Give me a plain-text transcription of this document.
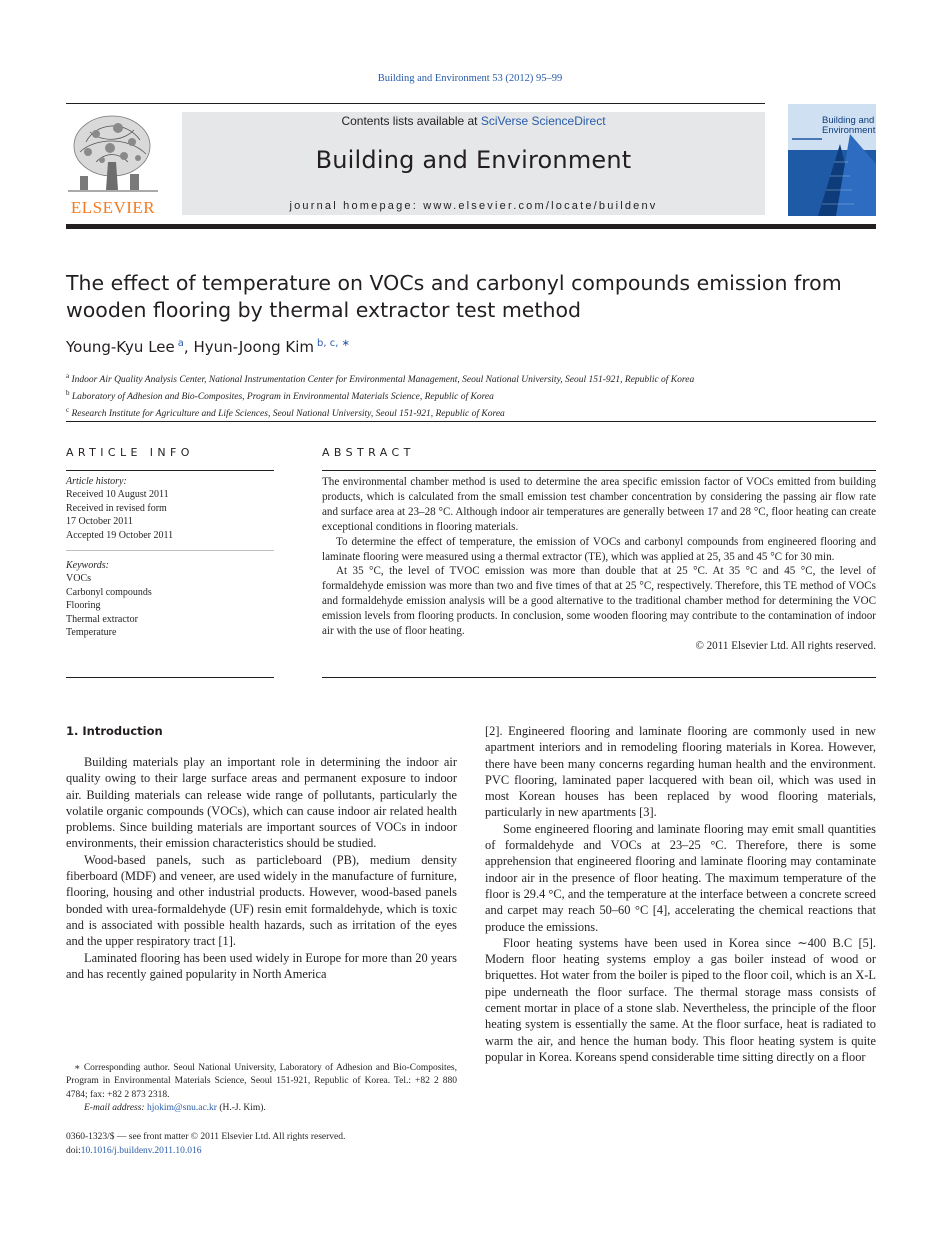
Building and Environment 53 (2012) 95–99
ELSEVIER
Contents lists available at SciVerse ScienceDirect
Building and Environment
journal homepage: www.elsevier.com/locate/buildenv
Building and
Environment
The effect of temperature on VOCs and carbonyl compounds emission from wooden flooring by thermal extractor test method
Young-Kyu Lee  $^a$, Hyun-Joong Kim  $^{b, c, ∗}$
$^a$ Indoor Air Quality Analysis Center, National Instrumentation Center for Environmental Management, Seoul National University, Seoul 151-921, Republic of Korea
$^b$ Laboratory of Adhesion and Bio-Composites, Program in Environmental Materials Science, Republic of Korea
$^c$ Research Institute for Agriculture and Life Sciences, Seoul National University, Seoul 151-921, Republic of Korea
ARTICLE INFO	ABSTRACT
Article history:
Received 10 August 2011
Received in revised form
17 October 2011
Accepted 19 October 2011
Keywords:
VOCs
Carbonyl compounds
Flooring
Thermal extractor
Temperature

The environmental chamber method is used to determine the area specific emission factor of VOCs emitted from building products, which is calculated from the small emission test chamber concentration by considering the passing air flow rate and surface area at 23–28 °C. Although indoor air temperatures are generally between 17 and 28 °C, floor heating can create exceptional conditions in flooring materials.

To determine the effect of temperature, the emission of VOCs and carbonyl compounds from engineered flooring and laminate flooring were measured using a thermal extractor (TE), which was applied at 25, 35 and 45 °C for 30 min.

At 35 °C, the level of TVOC emission was more than double that at 25 °C. At 35 °C and 45 °C, the level of formaldehyde emission was more than two and five times of that at 25 °C, respectively. Therefore, this TE method of VOCs and formaldehyde emission analysis will be a good alternative to the traditional chamber method for determining the VOC emission levels from flooring products. In conclusion, some wooden flooring may contribute to the contamination of indoor air with the use of floor heating.

© 2011 Elsevier Ltd. All rights reserved.

1. Introduction

Building materials play an important role in determining the indoor air quality owing to their large surface areas and permanent exposure to indoor air. Building materials can release wide range of pollutants, particularly the volatile organic compounds (VOCs), which can cause indoor air related health problems. Since building materials are important sources of VOCs in indoor environments, their emission characteristics should be studied.

Wood-based panels, such as particleboard (PB), medium density fiberboard (MDF) and veneer, are used widely in the manufacture of furniture, flooring, housing and other industrial products. However, wood-based panels bonded with urea-formaldehyde (UF) resin emit formaldehyde, which is toxic and is associated with possible health hazards, such as irritation of the eyes and the upper respiratory tract [1].

Laminated flooring has been used widely in Europe for more than 20 years and has recently gained popularity in North America

[2]. Engineered flooring and laminate flooring are commonly used in new apartment interiors and in remodeling flooring materials in Korea. However, there have been many concerns regarding human health and the environment. PVC flooring, laminated paper lacquered with bean oil, which was used in most Korean houses has been replaced by wood flooring materials, particularly in new apartments [3].

Some engineered flooring and laminate flooring may emit small quantities of formaldehyde and VOCs at 23–25 °C. Therefore, there is some apprehension that engineered flooring and laminate flooring may contaminate indoor air in the presence of floor heating. The maximum temperature of the floor is 29.4 °C, and the temperature at the interface between a concrete screed and carpet may reach 50–60 °C [4], accelerating the chemical reactions that produce the emissions.

Floor heating systems have been used in Korea since ∼400 B.C [5]. Modern floor heating systems employ a gas boiler instead of wood or briquettes. Hot water from the boiler is piped to the floor coil, which is an X-L pipe underneath the floor surface. The thermal storage mass consists of cement mortar in place of a stone slab. Nevertheless, the principle of the floor heating system is essentially the same. At the floor surface, heat is radiated to warm the air, and hence the human body. This floor heating system is quite popular in Korea. Koreans spend considerable time sitting directly on a floor

∗ Corresponding author. Seoul National University, Laboratory of Adhesion and Bio-Composites, Program in Environmental Materials Science, Seoul 151-921, Republic of Korea. Tel.: +82 2 880 4784; fax: +82 2 873 2318.

E-mail address: hjokim@snu.ac.kr (H.-J. Kim).

0360-1323/$ — see front matter © 2011 Elsevier Ltd. All rights reserved.
doi:10.1016/j.buildenv.2011.10.016
